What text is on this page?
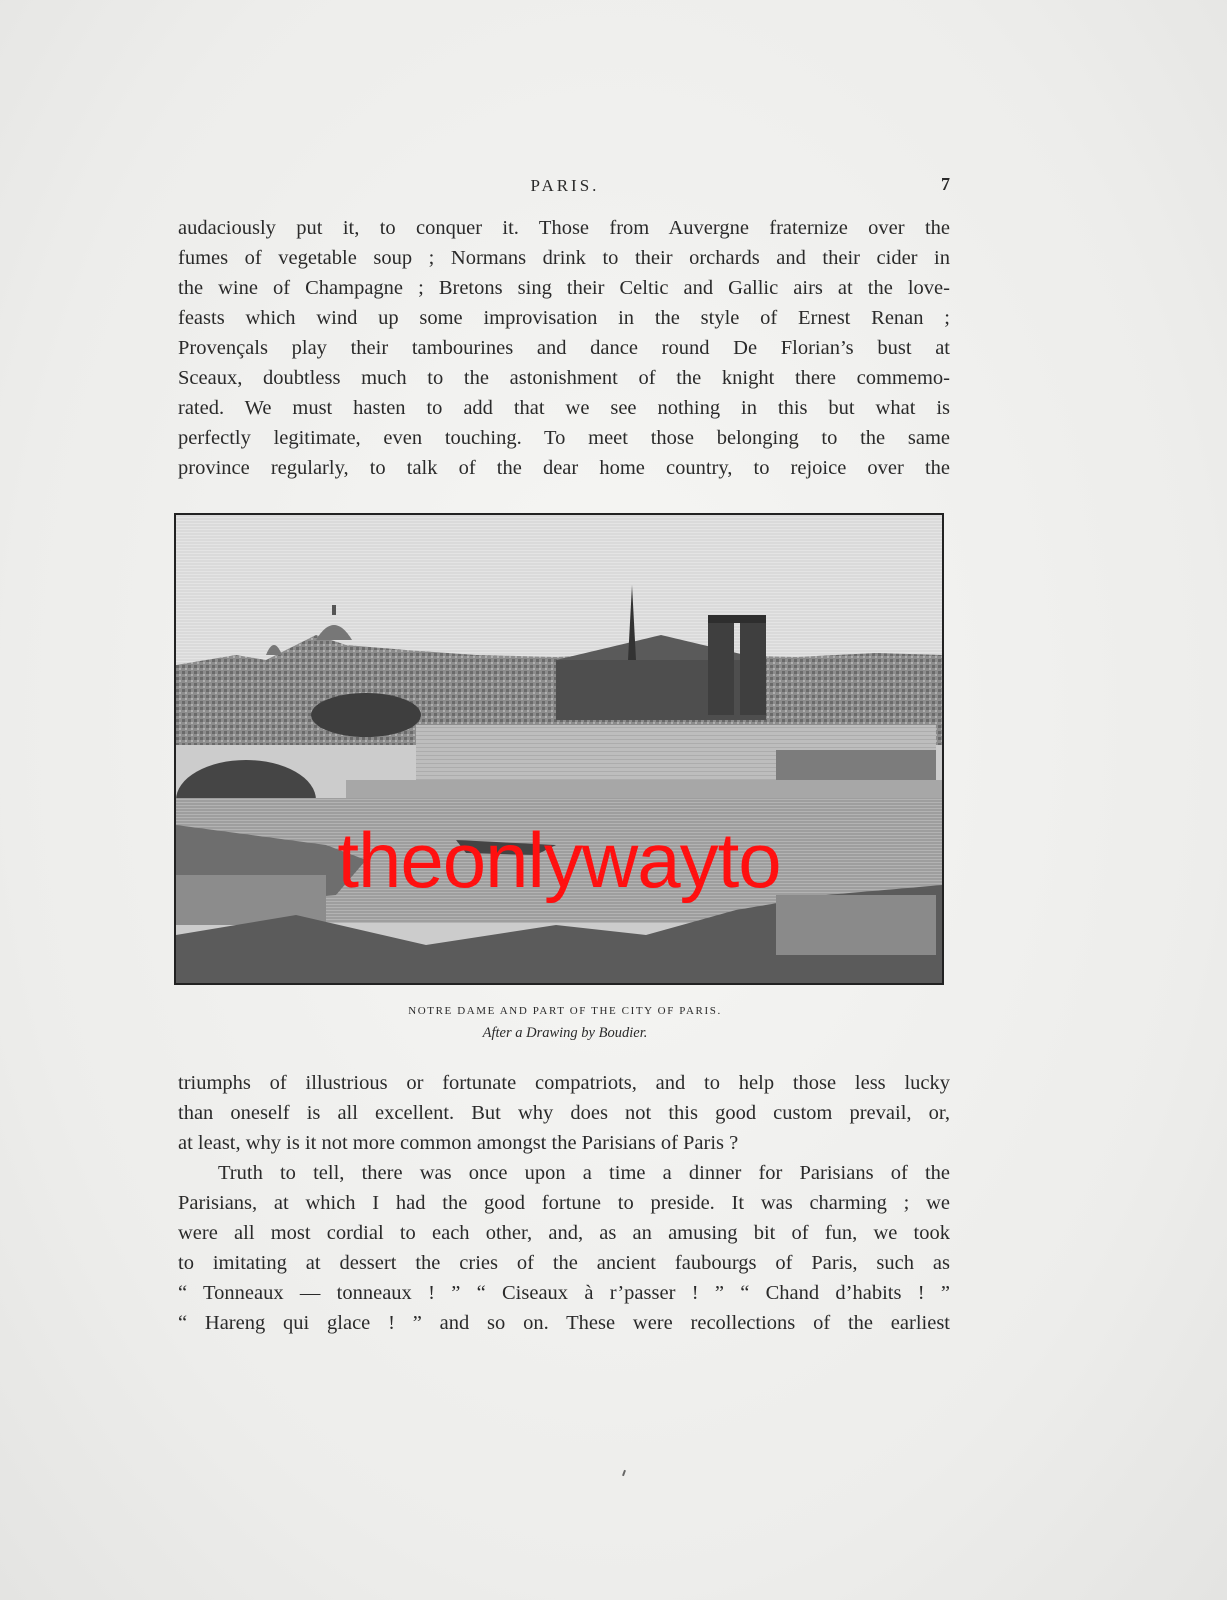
PARIS.	7
audaciously put it, to conquer it. Those from Auvergne fraternize over the
fumes of vegetable soup ; Normans drink to their orchards and their cider in
the wine of Champagne ; Bretons sing their Celtic and Gallic airs at the love-
feasts which wind up some improvisation in the style of Ernest Renan ;
Provençals play their tambourines and dance round De Florian’s bust at
Sceaux, doubtless much to the astonishment of the knight there commemo-
rated. We must hasten to add that we see nothing in this but what is
perfectly legitimate, even touching. To meet those belonging to the same
province regularly, to talk of the dear home country, to rejoice over the
theonlywayto
NOTRE DAME AND PART OF THE CITY OF PARIS.
After a Drawing by Boudier.
triumphs of illustrious or fortunate compatriots, and to help those less lucky
than oneself is all excellent. But why does not this good custom prevail, or,
at least, why is it not more common amongst the Parisians of Paris ?
Truth to tell, there was once upon a time a dinner for Parisians of the
Parisians, at which I had the good fortune to preside. It was charming ; we
were all most cordial to each other, and, as an amusing bit of fun, we took
to imitating at dessert the cries of the ancient faubourgs of Paris, such as
“ Tonneaux — tonneaux ! ” “ Ciseaux à r’passer ! ” “ Chand d’habits ! ”
“ Hareng qui glace ! ” and so on. These were recollections of the earliest
